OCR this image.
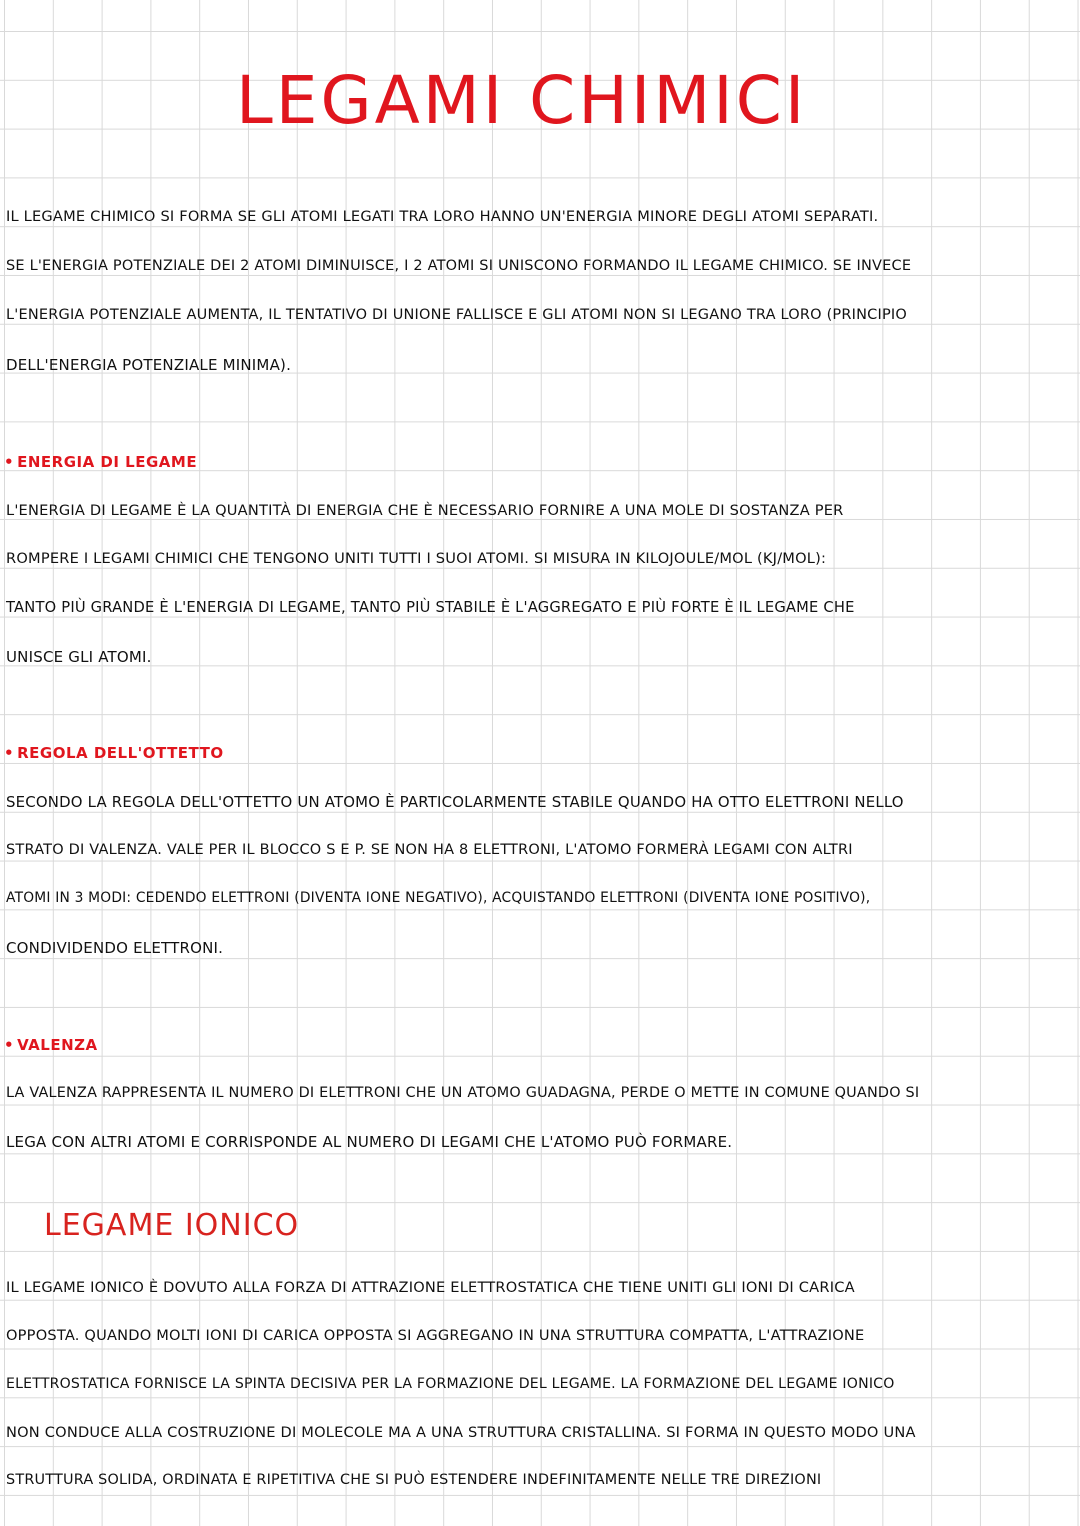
LEGAMI CHIMICI
IL LEGAME CHIMICO SI FORMA SE GLI ATOMI LEGATI TRA LORO HANNO UN'ENERGIA MINORE DEGLI ATOMI SEPARATI.
SE L'ENERGIA POTENZIALE DEI 2 ATOMI DIMINUISCE, I 2 ATOMI SI UNISCONO FORMANDO IL LEGAME CHIMICO. SE INVECE
L'ENERGIA POTENZIALE AUMENTA, IL TENTATIVO DI UNIONE FALLISCE E GLI ATOMI NON SI LEGANO TRA LORO (PRINCIPIO
DELL'ENERGIA POTENZIALE MINIMA).
• ENERGIA DI LEGAME
L'ENERGIA DI LEGAME È LA QUANTITÀ DI ENERGIA CHE È NECESSARIO FORNIRE A UNA MOLE DI SOSTANZA PER
ROMPERE I LEGAMI CHIMICI CHE TENGONO UNITI TUTTI I SUOI ATOMI. SI MISURA IN KILOJOULE/MOL (KJ/MOL):
TANTO PIÙ GRANDE È L'ENERGIA DI LEGAME, TANTO PIÙ STABILE È L'AGGREGATO E PIÙ FORTE È IL LEGAME CHE
UNISCE GLI ATOMI.
• REGOLA DELL'OTTETTO
SECONDO LA REGOLA DELL'OTTETTO UN ATOMO È PARTICOLARMENTE STABILE QUANDO HA OTTO ELETTRONI NELLO
STRATO DI VALENZA. VALE PER IL BLOCCO S E P. SE NON HA 8 ELETTRONI, L'ATOMO FORMERÀ LEGAMI CON ALTRI
ATOMI IN 3 MODI: CEDENDO ELETTRONI (DIVENTA IONE NEGATIVO), ACQUISTANDO ELETTRONI (DIVENTA IONE POSITIVO),
CONDIVIDENDO ELETTRONI.
• VALENZA
LA VALENZA RAPPRESENTA IL NUMERO DI ELETTRONI CHE UN ATOMO GUADAGNA, PERDE O METTE IN COMUNE QUANDO SI
LEGA CON ALTRI ATOMI E CORRISPONDE AL NUMERO DI LEGAMI CHE L'ATOMO PUÒ FORMARE.
LEGAME IONICO
IL LEGAME IONICO È DOVUTO ALLA FORZA DI ATTRAZIONE ELETTROSTATICA CHE TIENE UNITI GLI IONI DI CARICA
OPPOSTA. QUANDO MOLTI IONI DI CARICA OPPOSTA SI AGGREGANO IN UNA STRUTTURA COMPATTA, L'ATTRAZIONE
ELETTROSTATICA FORNISCE LA SPINTA DECISIVA PER LA FORMAZIONE DEL LEGAME. LA FORMAZIONE DEL LEGAME IONICO
NON CONDUCE ALLA COSTRUZIONE DI MOLECOLE MA A UNA STRUTTURA CRISTALLINA. SI FORMA IN QUESTO MODO UNA
STRUTTURA SOLIDA, ORDINATA E RIPETITIVA CHE SI PUÒ ESTENDERE INDEFINITAMENTE NELLE TRE DIREZIONI
